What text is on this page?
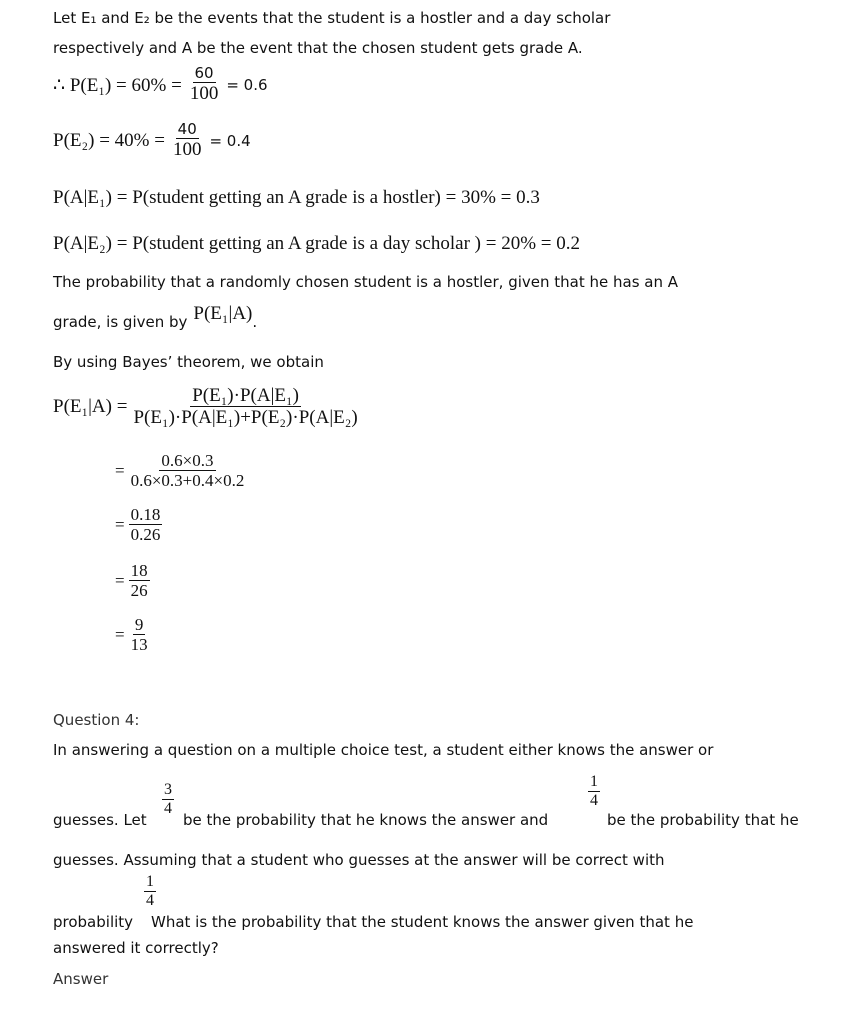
Let E₁ and E₂ be the events that the student is a hostler and a day scholar
respectively and A be the event that the chosen student gets grade A.
∴ $P(E_1) = 60\% = \frac{60}{100} = 0.6$
$P(E_2) = 40\% = \frac{40}{100} = 0.4$
P(A|E₁) = P(student getting an A grade is a hostler) = 30% = 0.3
P(A|E₂) = P(student getting an A grade is a day scholar ) = 20% = 0.2
The probability that a randomly chosen student is a hostler, given that he has an A
grade, is given by P(E₁|A) .
By using Bayes’ theorem, we obtain
$P(E_1|A) = \frac{\text{P(E₁)·P(A|E₁)}}{\text{P(E₁)·P(A|E₁)+P(E₂)·P(A|E₂)}}$
= $\frac{0.6\times 0.3}{0.6\times 0.3+0.4\times 0.2}$
= $\frac{0.18}{0.26}$
= $\frac{18}{26}$
= $\frac{9}{13}$
Question 4:
In answering a question on a multiple choice test, a student either knows the answer or
guesses. Let
$\frac{3}{4}$
be the probability that he knows the answer and
$\frac{1}{4}$
be the probability that he
guesses. Assuming that a student who guesses at the answer will be correct with
$\frac{1}{4}$
probability What is the probability that the student knows the answer given that he
answered it correctly?
Answer
